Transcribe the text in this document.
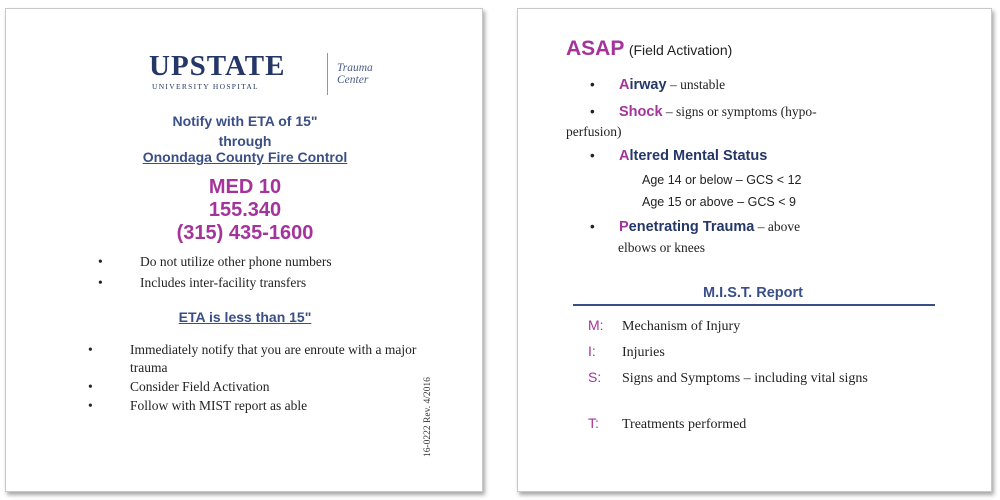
UPSTATE
UNIVERSITY HOSPITAL
Trauma
Center
Notify with ETA of 15"
through
Onondaga County Fire Control
MED 10
155.340
(315) 435-1600
• Do not utilize other phone numbers
• Includes inter-facility transfers
ETA is less than 15"
• Immediately notify that you are enroute with a major trauma
• Consider Field Activation
• Follow with MIST report as able	16-0222 Rev. 4/2016
ASAP (Field Activation)
• Airway – unstable
• Shock – signs or symptoms (hypo-
perfusion)
• Altered Mental Status
Age 14 or below – GCS < 12
Age 15 or above – GCS < 9
• Penetrating Trauma – above
elbows or knees
M.I.S.T. Report
M: Mechanism of Injury
I: Injuries
S: Signs and Symptoms – including vital signs
T: Treatments performed
